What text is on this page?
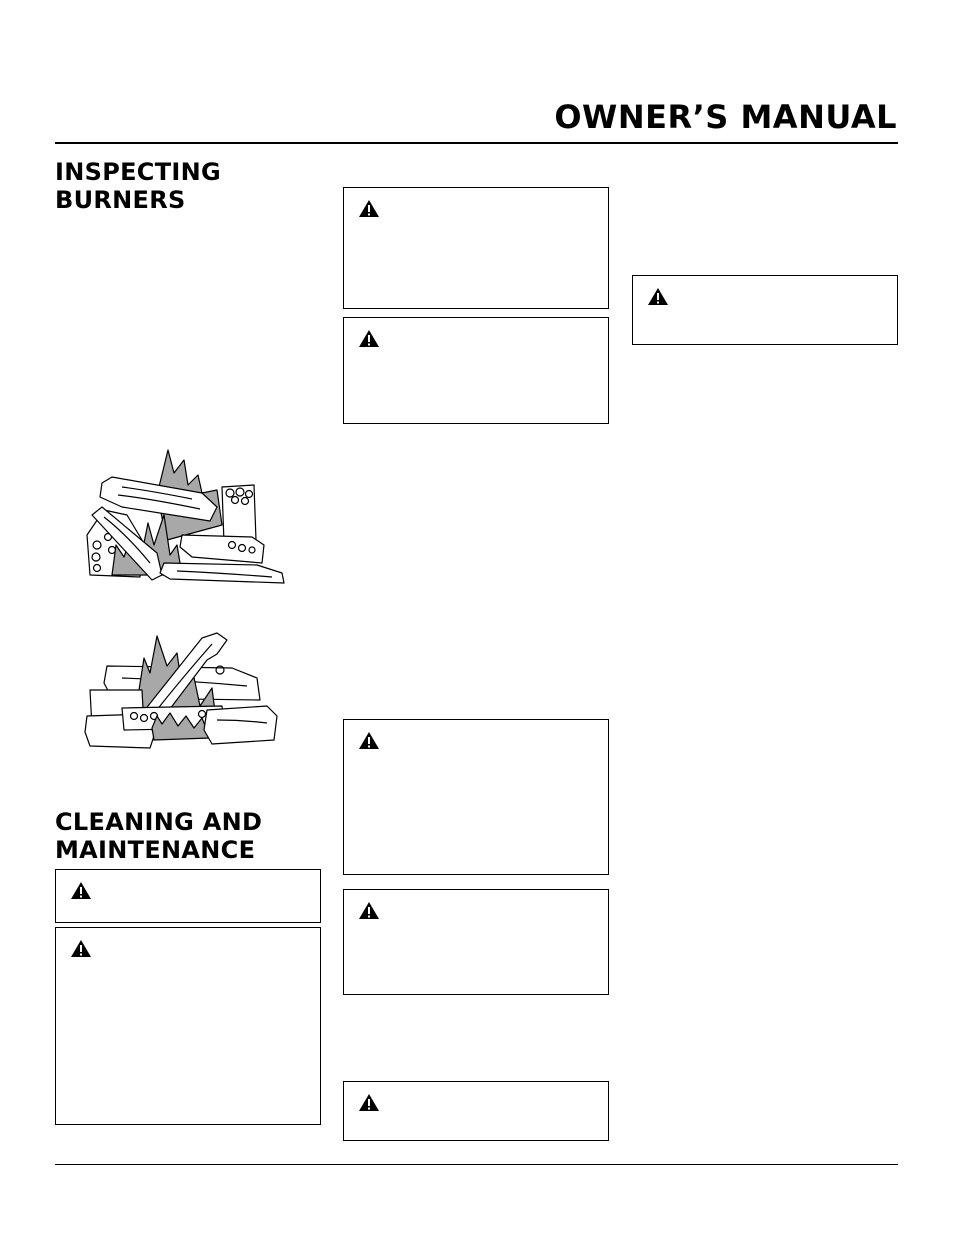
OWNER’S MANUAL
INSPECTING
BURNERS
CLEANING AND
MAINTENANCE
